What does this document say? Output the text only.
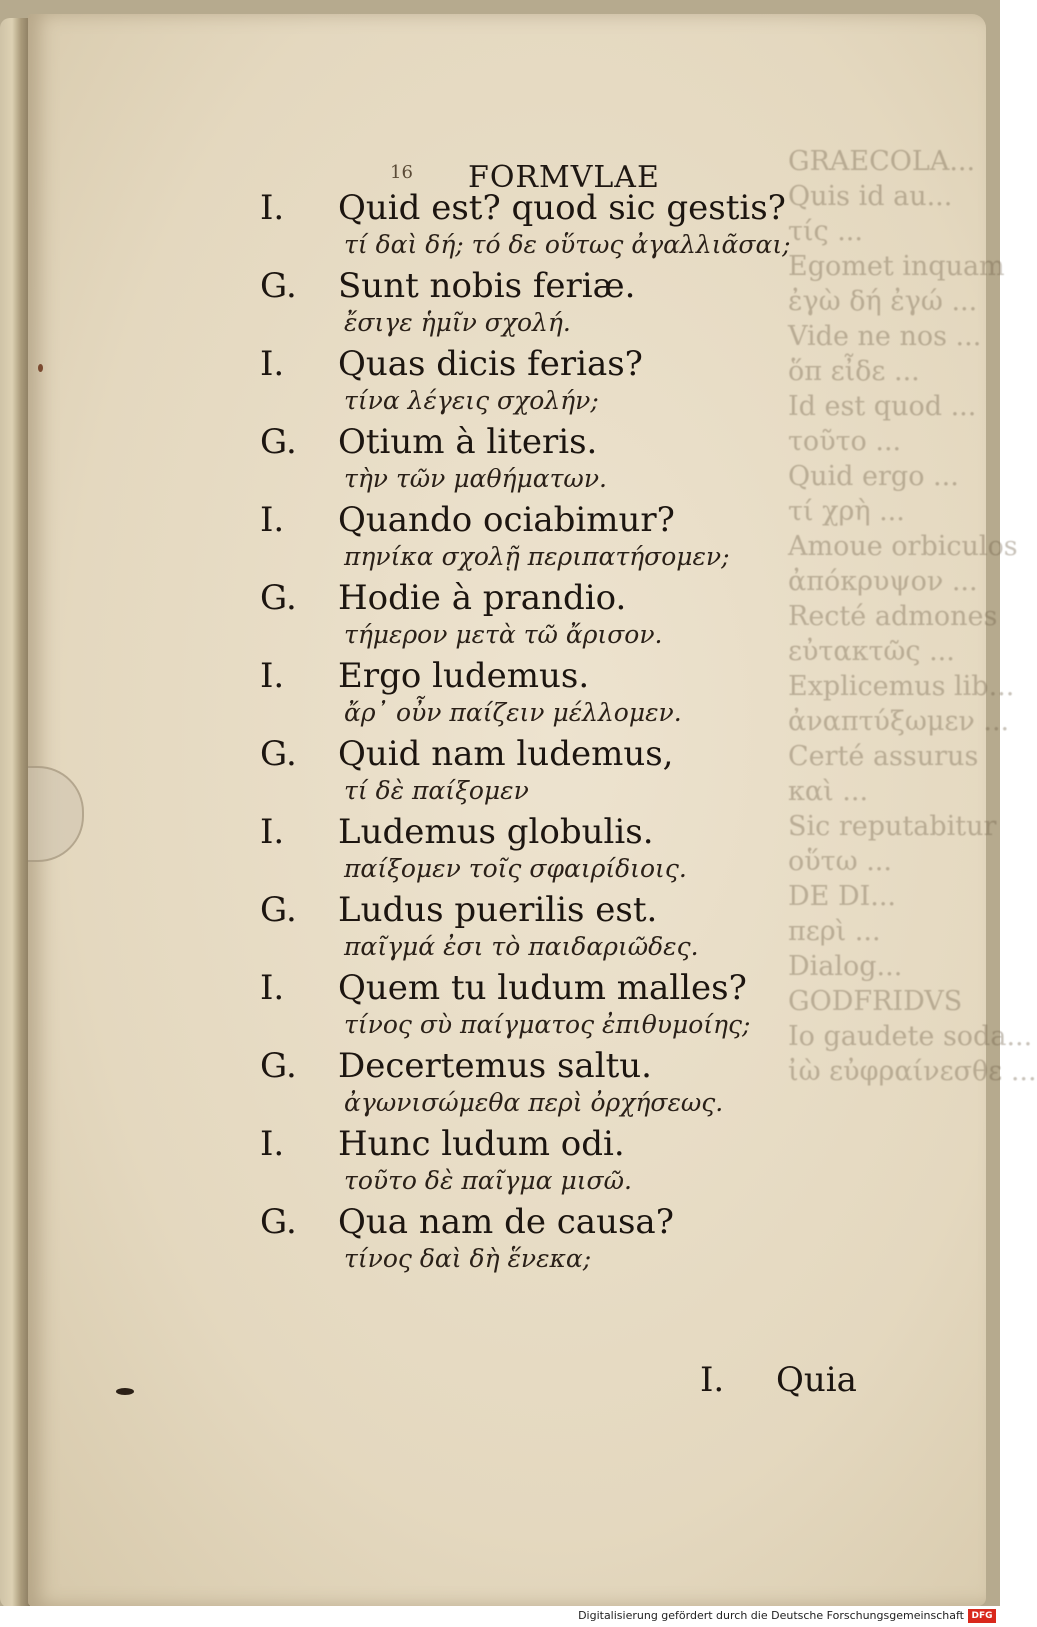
GRAECOLA...
Quis id au...
τίς ...
Egomet inquam
ἐγὼ δή ἐγώ ...
Vide ne nos ...
ὅπ εἶδε ...
Id est quod ...
τοῦτο ...
Quid ergo ...
τί χρὴ ...
Amoue orbiculos
ἀπόκρυψον ...
Recté admones
εὐτακτῶς ...
Explicemus lib...
ἀναπτύξωμεν ...
Certé assurus
καὶ ...
Sic reputabitur
οὕτω ...
DE DI...
περὶ ...
Dialog...
GODFRIDVS
Io gaudete soda...
ἰὼ εὐφραίνεσθε ...
16 FORMVLAE
I. Quid est? quod sic gestis?
τί δαὶ δή; τό δε οὕτως ἀγαλλιᾶσαι;
G. Sunt nobis feriæ.
ἔσιγε ἡμῖν σχολή.
I. Quas dicis ferias?
τίνα λέγεις σχολήν;
G. Otium à literis.
τὴν τῶν μαθήματων.
I. Quando ociabimur?
πηνίκα σχολῇ περιπατήσομεν;
G. Hodie à prandio.
τήμερον μετὰ τῶ ἄρισον.
I. Ergo ludemus.
ἄρ᾽ οὖν παίζειν μέλλομεν.
G. Quid nam ludemus,
τί δὲ παίξομεν
I. Ludemus globulis.
παίξομεν τοῖς σφαιρίδιοις.
G. Ludus puerilis est.
παῖγμά ἐσι τὸ παιδαριῶδες.
I. Quem tu ludum malles?
τίνος σὺ παίγματος ἐπιθυμοίης;
G. Decertemus saltu.
ἀγωνισώμεθα περὶ ὀρχήσεως.
I. Hunc ludum odi.
τοῦτο δὲ παῖγμα μισῶ.
G. Qua nam de causa?
τίνος δαὶ δὴ ἕνεκα;
I. Quia
Digitalisierung gefördert durch die Deutsche Forschungsgemeinschaft DFG
